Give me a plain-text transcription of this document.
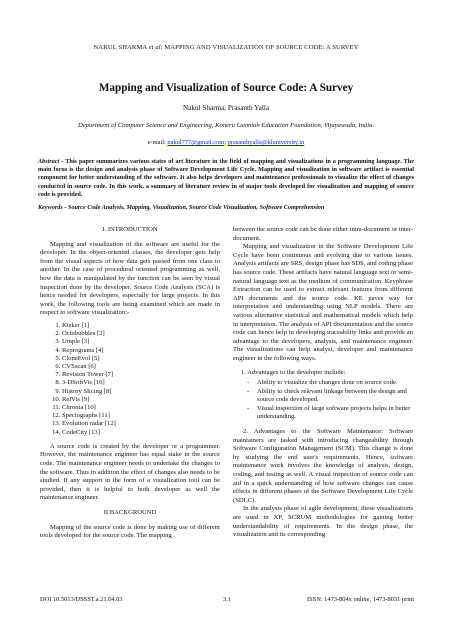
NAKUL SHARMA et al: MAPPING AND VISUALIZATION OF SOURCE CODE: A SURVEY
Mapping and Visualization of Source Code: A Survey
Nakul Sharma, Prasanth Yalla
Department of Computer Science and Engineering, Koneru Laxmiah Education Foundation, Vijayawada, India.
e-mail: nakul777@gmail.com; prasanthyalla@kluniversity.in
Abstract - This paper summarizes various states of art literature in the field of mapping and visualizations in a programming language. The main focus is the design and analysis phase of Software Development Life Cycle. Mapping and visualization in software artifact is essential component for better understanding of the software. It also helps developers and maintenance professionals to visualize the effect of changes conducted in source code. In this work, a summary of literature review in of major tools developed for visualization and mapping of source code is provided.
Keywords - Source Code Analysis, Mapping, Visualization, Source Code Visualization, Software Comprehension
I. INTRODUCTION

Mapping and visualization of the software are useful for the developer. In the object-oriented classes, the developer gets help from the visual aspects of how data gets passed from one class to another. In the case of procedural oriented programming as well, how the data is manipulated by the function can be seen by visual inspection done by the developer. Source Code Analysis (SCA) is hence needed for developers, especially for large projects. In this work, the following tools are being examined which are made in respect to software visualization:-

1. Kieker [1]
2. Octobubbles [2]
3. Umple [3]
4. Reprograms [4]
5. CloneEvol [5]
6. CVSscan [6]
7. Revision Tower [7]
8. 3-DSoftVis [16]
9. History Slicing [8]
10. RelVis [9]
11. Chronia [10]
12. Spectographs [11]
13. Evolution radar [12]
14. CodeCity [13]

A source code is created by the developer or a programmer. However, the maintenance engineer has equal stake in the source code. The maintenance engineer needs to undertake the changes to the software. Thus in addition the effect of changes also needs to be studied. If any support in the form of a visualization tool can be provided, then it is helpful to both developer as well the maintenance engineer.

II BACKGROUND

Mapping of the source code is done by making use of different tools developed for the source code. The mapping

between the source code can be done either intra-document or inter-document.

Mapping and visualization in the Software Development Life Cycle have been continuous and evolving due to various issues. Analysis artifacts are SRS, design phase has SDS, and coding phase has source code. These artifacts have natural language text or semi-natural language text as the medium of communication. Keyphrase Extraction can be used to extract relevant features from different API documents and the source code. KE paves way for interpretation and understanding using NLP models. There are various alternative statistical and mathematical models which help in interpretation. The analysis of API documentation and the source code can hence help in developing traceability links and provide an advantage to the developers, analysts, and maintenance engineer. The visualizations can help analyst, developer and maintenance engineer in the following ways.

1. Advantages to the developer include:
- Ability to visualize the changes done on source code.
- Ability to check relevant linkage between the design and source code developed.
- Visual inspection of large software projects helps in better understanding.

2. Advantages to the Software Maintenance: Software maintainers are tasked with introducing changeability through Software Configuration Management (SCM). This change is done by studying the end user's requirements. Hence, software maintenance work involves the knowledge of analysis, design, coding, and testing as well. A visual inspection of source code can aid in a quick understanding of how software changes can cause effects in different phases of the Software Development Life Cycle (SDLC).

In the analysis phase of agile development, these visualizations are used in XP, SCRUM methodologies for gaining better understandability of requirements. In the design phase, the visualization and its corresponding

DOI 10.5013/IJSSST.a.21.04.03	3.1	ISSN: 1473-804x online, 1473-8031 print
